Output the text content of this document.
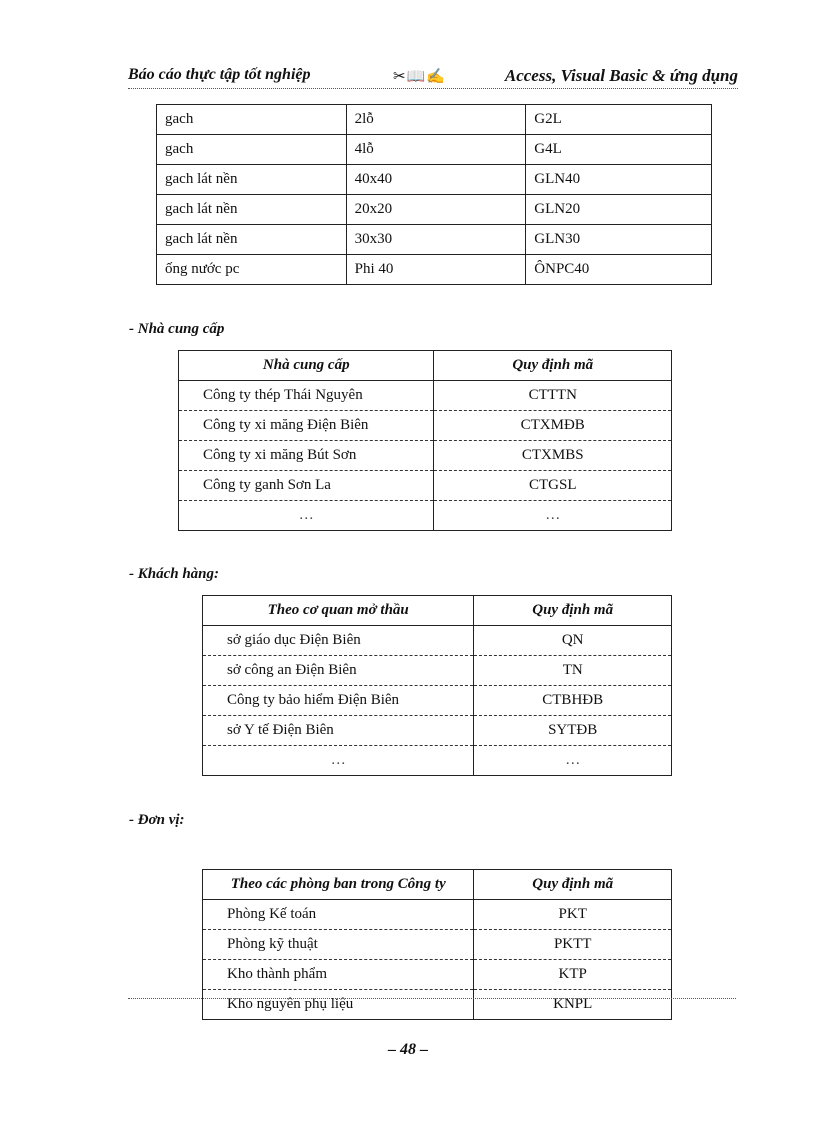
Báo cáo thực tập tốt nghiệp	✂📖✍	Access, Visual Basic & ứng dụng
gach	2lỗ	G2L
gach	4lỗ	G4L
gach lát nền	40x40	GLN40
gach lát nền	20x20	GLN20
gach lát nền	30x30	GLN30
ống nước pc	Phi 40	ÔNPC40
- Nhà cung cấp
Nhà cung cấp	Quy định mã
Công ty thép Thái Nguyên	CTTTN
Công ty xi măng Điện Biên	CTXMĐB
Công ty xi măng Bút Sơn	CTXMBS
Công ty ganh Sơn La	CTGSL
…	…
- Khách hàng:
Theo cơ quan mở thầu	Quy định mã
sở giáo dục Điện Biên	QN
sở công an Điện Biên	TN
Công ty bảo hiểm Điện Biên	CTBHĐB
sở Y tế Điện Biên	SYTĐB
…	…
- Đơn vị:
Theo các phòng ban trong Công ty	Quy định mã
Phòng Kế toán	PKT
Phòng kỹ thuật	PKTT
Kho thành phẩm	KTP
Kho nguyên phụ liệu	KNPL
– 48 –
